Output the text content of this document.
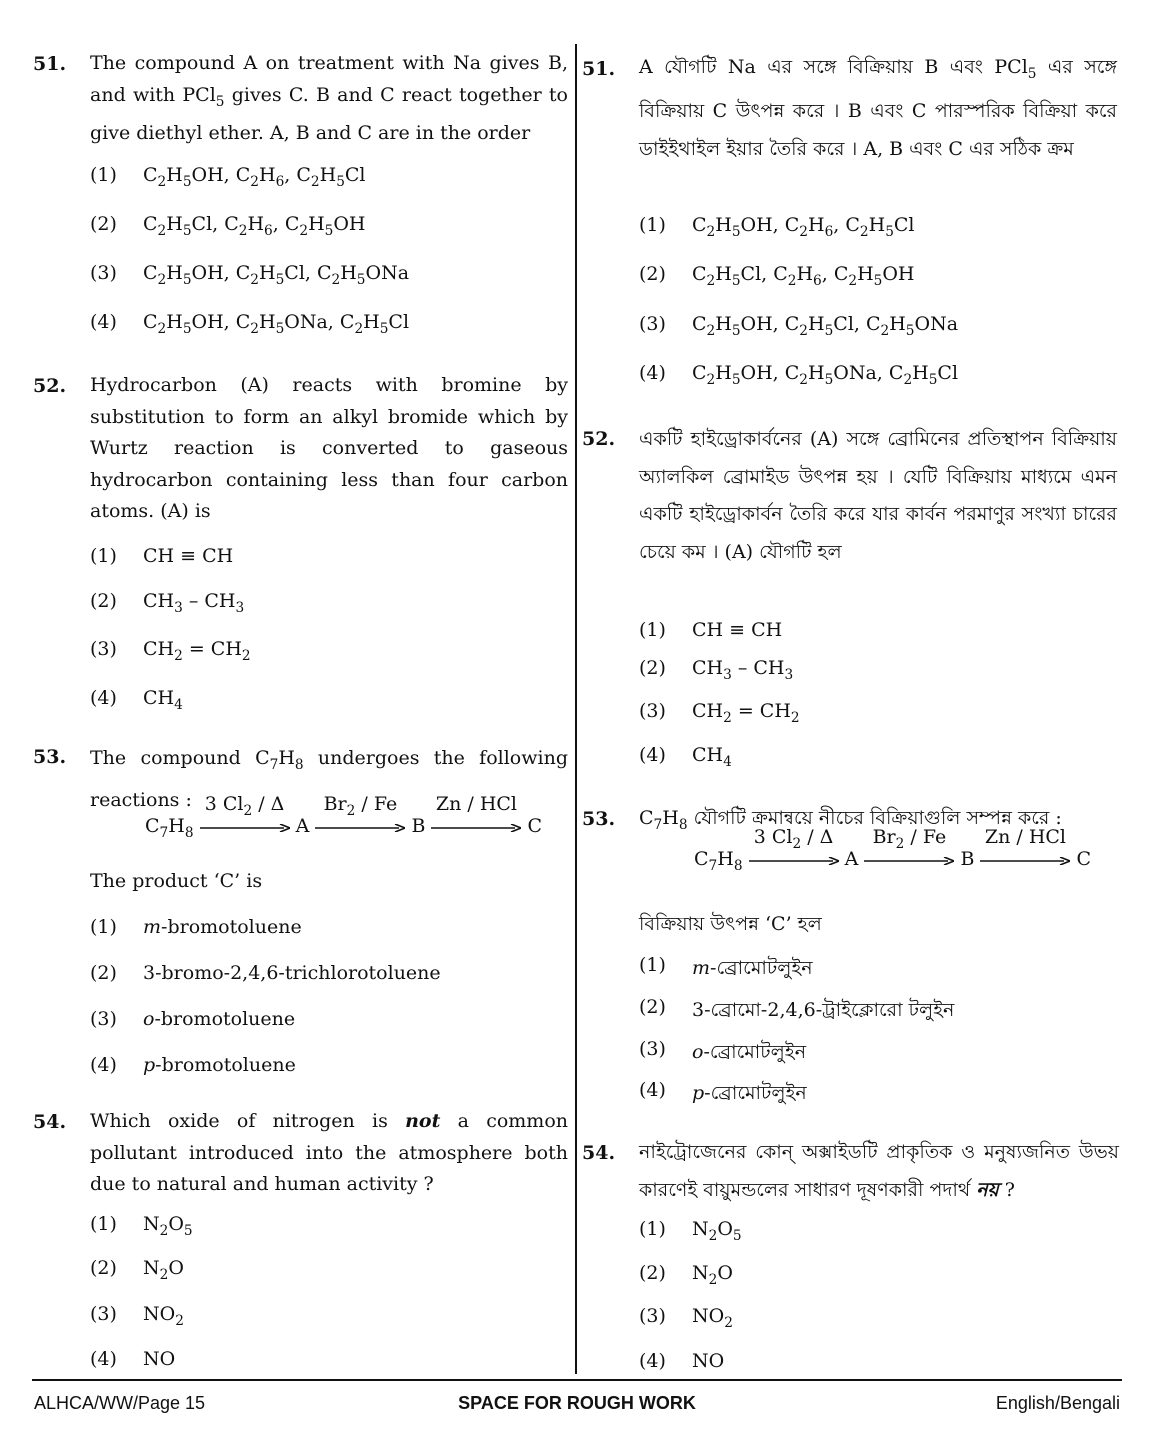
51. The compound A on treatment with Na gives B, and with PCl$_5$ gives C. B and C react together to give diethyl ether. A, B and C are in the order
(1) $C_2H_5OH$, $C_2H_6$, $C_2H_5Cl$
(2) $C_2H_5Cl$, $C_2H_6$, $C_2H_5OH$
(3) $C_2H_5OH$, $C_2H_5Cl$, $C_2H_5ONa$
(4) $C_2H_5OH$, $C_2H_5ONa$, $C_2H_5Cl$
52. Hydrocarbon (A) reacts with bromine by substitution to form an alkyl bromide which by Wurtz reaction is converted to gaseous hydrocarbon containing less than four carbon atoms. (A) is
(1) CH ≡ CH
(2) $CH_3 - CH_3$
(3) $CH_2 = CH_2$
(4) $CH_4$
53. The compound $C_7H_8$ undergoes the following reactions :
$C_7H_8$
3 $Cl_2$ / Δ
A
$Br_2$ / Fe
B
Zn / HCl
C
The product ‘C’ is
(1) m-bromotoluene
(2) 3-bromo-2,4,6-trichlorotoluene
(3) o-bromotoluene
(4) p-bromotoluene
54. Which oxide of nitrogen is not a common pollutant introduced into the atmosphere both due to natural and human activity ?
(1) $N_2O_5$
(2) $N_2O$
(3) $NO_2$
(4) NO
51. A যৌগটি Na এর সঙ্গে বিক্রিয়ায় B এবং PCl$_5$ এর সঙ্গে বিক্রিয়ায় C উৎপন্ন করে । B এবং C পারস্পরিক বিক্রিয়া করে ডাইইথাইল ইয়ার তৈরি করে । A, B এবং C এর সঠিক ক্রম
(1) $C_2H_5OH$, $C_2H_6$, $C_2H_5Cl$
(2) $C_2H_5Cl$, $C_2H_6$, $C_2H_5OH$
(3) $C_2H_5OH$, $C_2H_5Cl$, $C_2H_5ONa$
(4) $C_2H_5OH$, $C_2H_5ONa$, $C_2H_5Cl$
52. একটি হাইড্রোকার্বনের (A) সঙ্গে ব্রোমিনের প্রতিস্থাপন বিক্রিয়ায় অ্যালকিল ব্রোমাইড উৎপন্ন হয় । যেটি বিক্রিয়ায় মাধ্যমে এমন একটি হাইড্রোকার্বন তৈরি করে যার কার্বন পরমাণুর সংখ্যা চারের চেয়ে কম । (A) যৌগটি হল
(1) CH ≡ CH
(2) $CH_3 - CH_3$
(3) $CH_2 = CH_2$
(4) $CH_4$
53. $C_7H_8$ যৌগটি ক্রমান্বয়ে নীচের বিক্রিয়াগুলি সম্পন্ন করে :
$C_7H_8$
3 $Cl_2$ / Δ
A
$Br_2$ / Fe
B
Zn / HCl
C
বিক্রিয়ায় উৎপন্ন ‘C’ হল
(1) m-ব্রোমোটলুইন
(2) 3-ব্রোমো-2,4,6-ট্রাইক্লোরো টলুইন
(3) o-ব্রোমোটলুইন
(4) p-ব্রোমোটলুইন
54. নাইট্রোজেনের কোন্ অক্সাইডটি প্রাকৃতিক ও মনুষ্যজনিত উভয় কারণেই বায়ুমন্ডলের সাধারণ দূষণকারী পদার্থ নয় ?
(1) $N_2O_5$
(2) $N_2O$
(3) $NO_2$
(4) NO
ALHCA/WW/Page 15	SPACE FOR ROUGH WORK	English/Bengali
